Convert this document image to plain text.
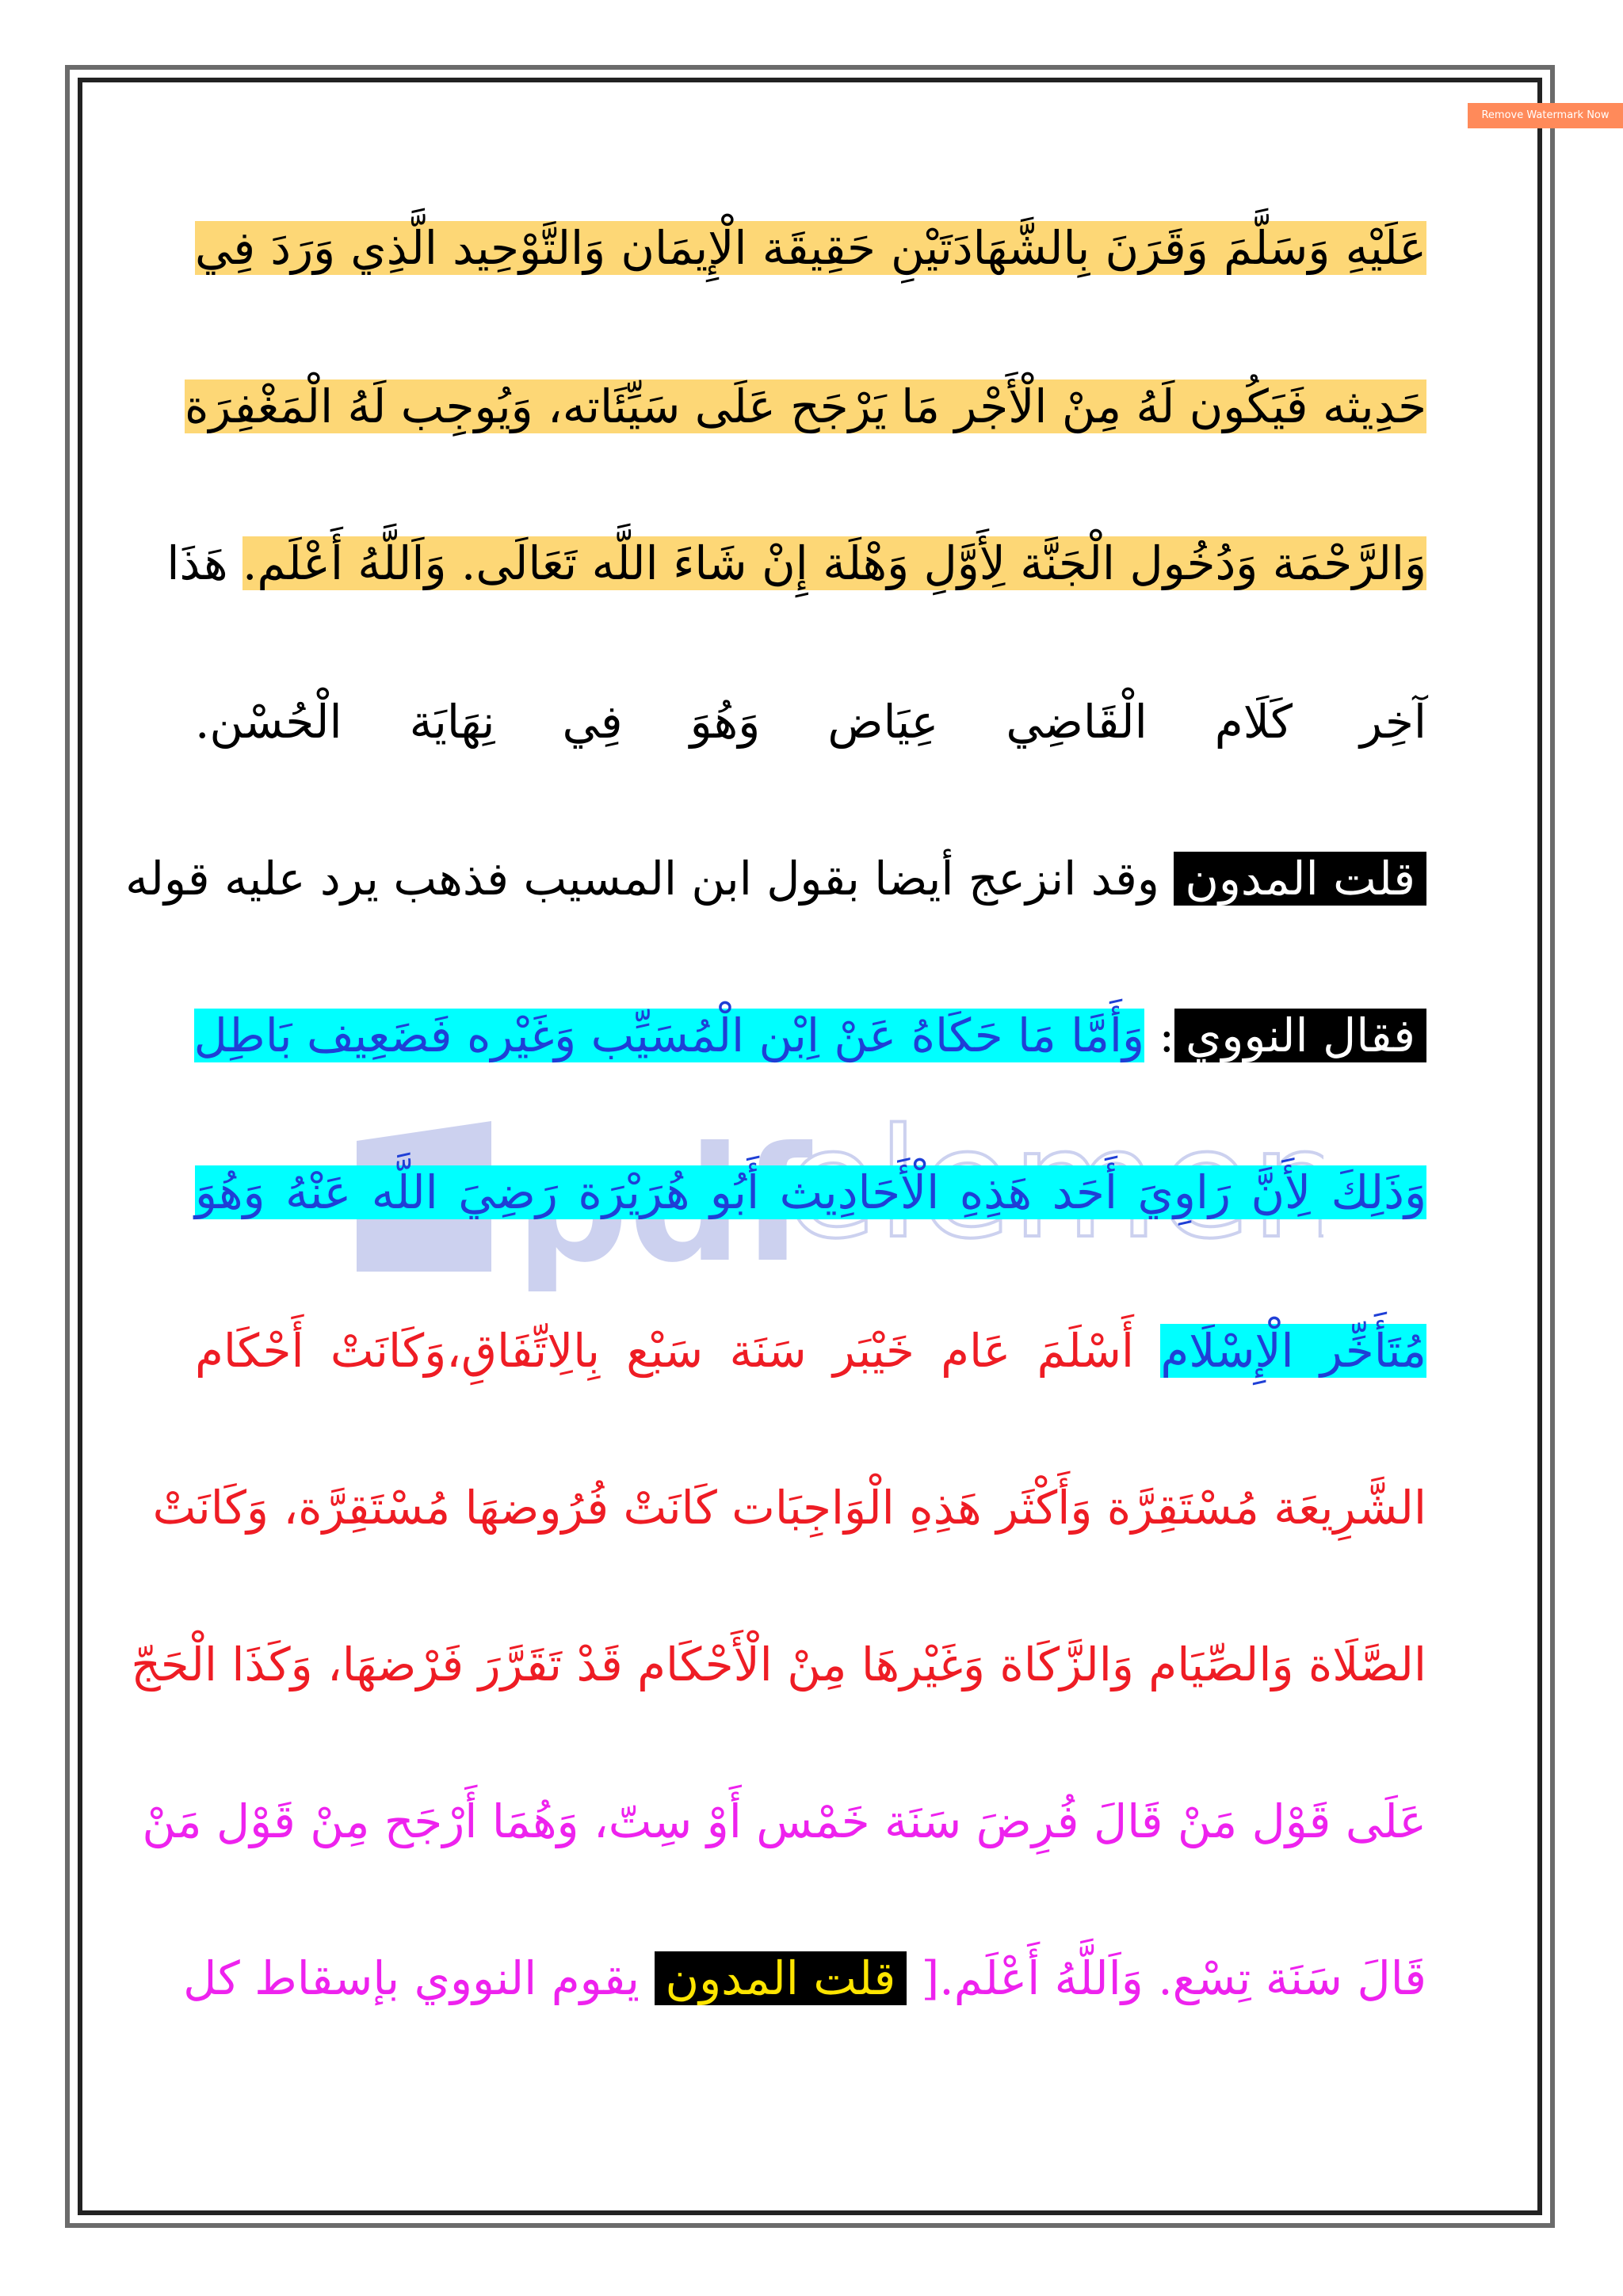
Remove Watermark Now
عَلَيْهِ وَسَلَّمَ وَقَرَنَ بِالشَّهَادَتَيْنِ حَقِيقَة الْإِيمَان وَالتَّوْحِيد الَّذِي وَرَدَ فِي
حَدِيثه فَيَكُون لَهُ مِنْ الْأَجْر مَا يَرْجَح عَلَى سَيِّئَاته، وَيُوجِب لَهُ الْمَغْفِرَة
وَالرَّحْمَة وَدُخُول الْجَنَّة لِأَوَّلِ وَهْلَة إِنْ شَاءَ اللَّه تَعَالَى. وَاَللَّهُ أَعْلَم. هَذَا
آخِر كَلَام الْقَاضِي عِيَاض وَهُوَ فِي نِهَايَة الْحُسْن.
قلت المدون وقد انزعج أيضا بقول ابن المسيب فذهب يرد عليه قوله
فقال النووي: وَأَمَّا مَا حَكَاهُ عَنْ اِبْن الْمُسَيِّب وَغَيْره فَضَعِيف بَاطِل
وَذَلِكَ لِأَنَّ رَاوِيَ أَحَد هَذِهِ الْأَحَادِيث أَبُو هُرَيْرَة رَضِيَ اللَّه عَنْهُ وَهُوَ
مُتَأَخِّر الْإِسْلَام أَسْلَمَ عَام خَيْبَر سَنَة سَبْع بِالِاتِّفَاقِ،وَكَانَتْ أَحْكَام
الشَّرِيعَة مُسْتَقِرَّة وَأَكْثَر هَذِهِ الْوَاجِبَات كَانَتْ فُرُوضهَا مُسْتَقِرَّة، وَكَانَتْ
الصَّلَاة وَالصِّيَام وَالزَّكَاة وَغَيْرهَا مِنْ الْأَحْكَام قَدْ تَقَرَّرَ فَرْضهَا، وَكَذَا الْحَجّ
عَلَى قَوْل مَنْ قَالَ فُرِضَ سَنَة خَمْس أَوْ سِتّ، وَهُمَا أَرْجَح مِنْ قَوْل مَنْ
قَالَ سَنَة تِسْع. وَاَللَّهُ أَعْلَم.[ قلت المدون يقوم النووي بإسقاط كل
